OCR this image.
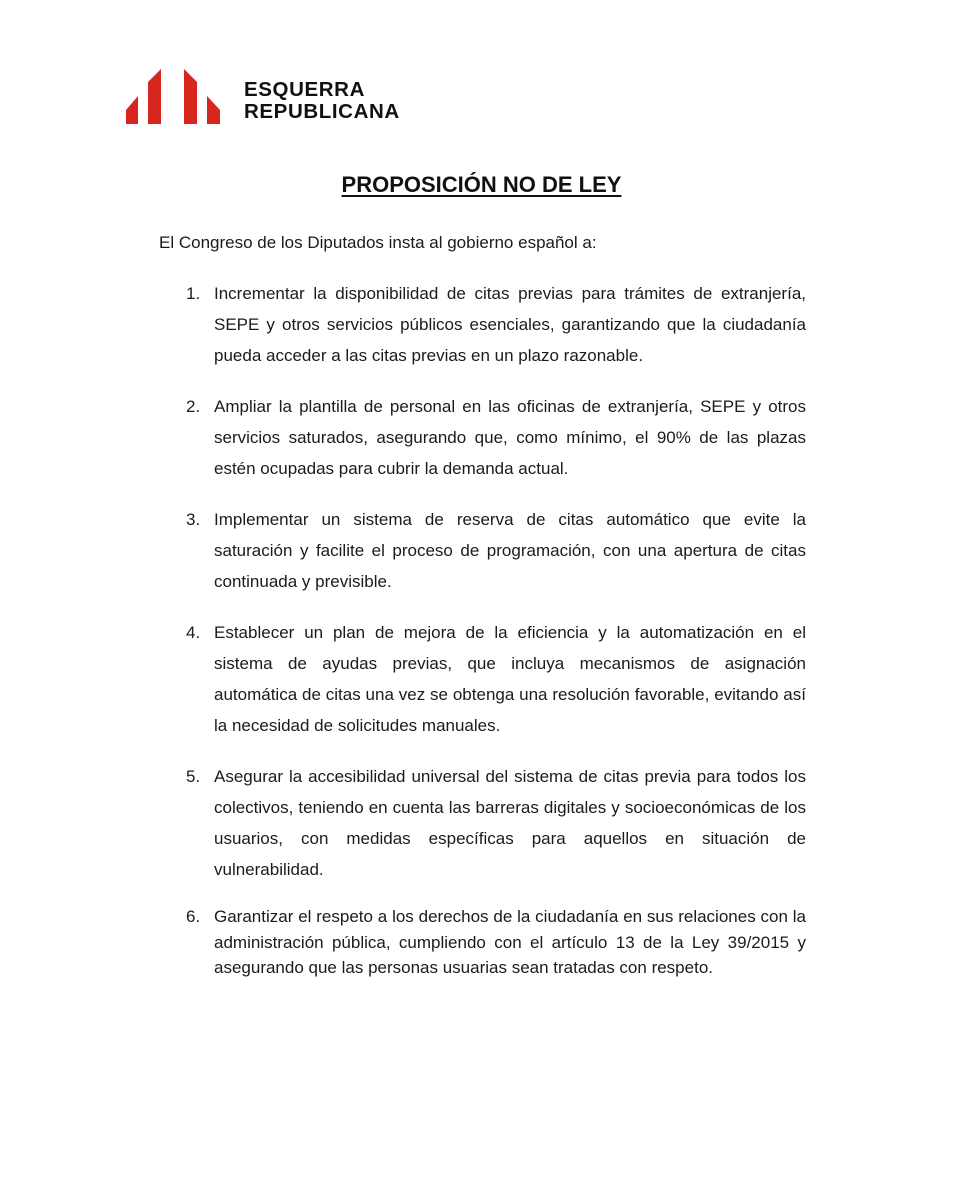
ESQUERRA
REPUBLICANA
PROPOSICIÓN NO DE LEY
El Congreso de los Diputados insta al gobierno español a:
1. Incrementar la disponibilidad de citas previas para trámites de extranjería, SEPE y otros servicios públicos esenciales, garantizando que la ciudadanía pueda acceder a las citas previas en un plazo razonable.
2. Ampliar la plantilla de personal en las oficinas de extranjería, SEPE y otros servicios saturados, asegurando que, como mínimo, el 90% de las plazas estén ocupadas para cubrir la demanda actual.
3. Implementar un sistema de reserva de citas automático que evite la saturación y facilite el proceso de programación, con una apertura de citas continuada y previsible.
4. Establecer un plan de mejora de la eficiencia y la automatización en el sistema de ayudas previas, que incluya mecanismos de asignación automática de citas una vez se obtenga una resolución favorable, evitando así la necesidad de solicitudes manuales.
5. Asegurar la accesibilidad universal del sistema de citas previa para todos los colectivos, teniendo en cuenta las barreras digitales y socioeconómicas de los usuarios, con medidas específicas para aquellos en situación de vulnerabilidad.
6. Garantizar el respeto a los derechos de la ciudadanía en sus relaciones con la administración pública, cumpliendo con el artículo 13 de la Ley 39/2015 y asegurando que las personas usuarias sean tratadas con respeto.
